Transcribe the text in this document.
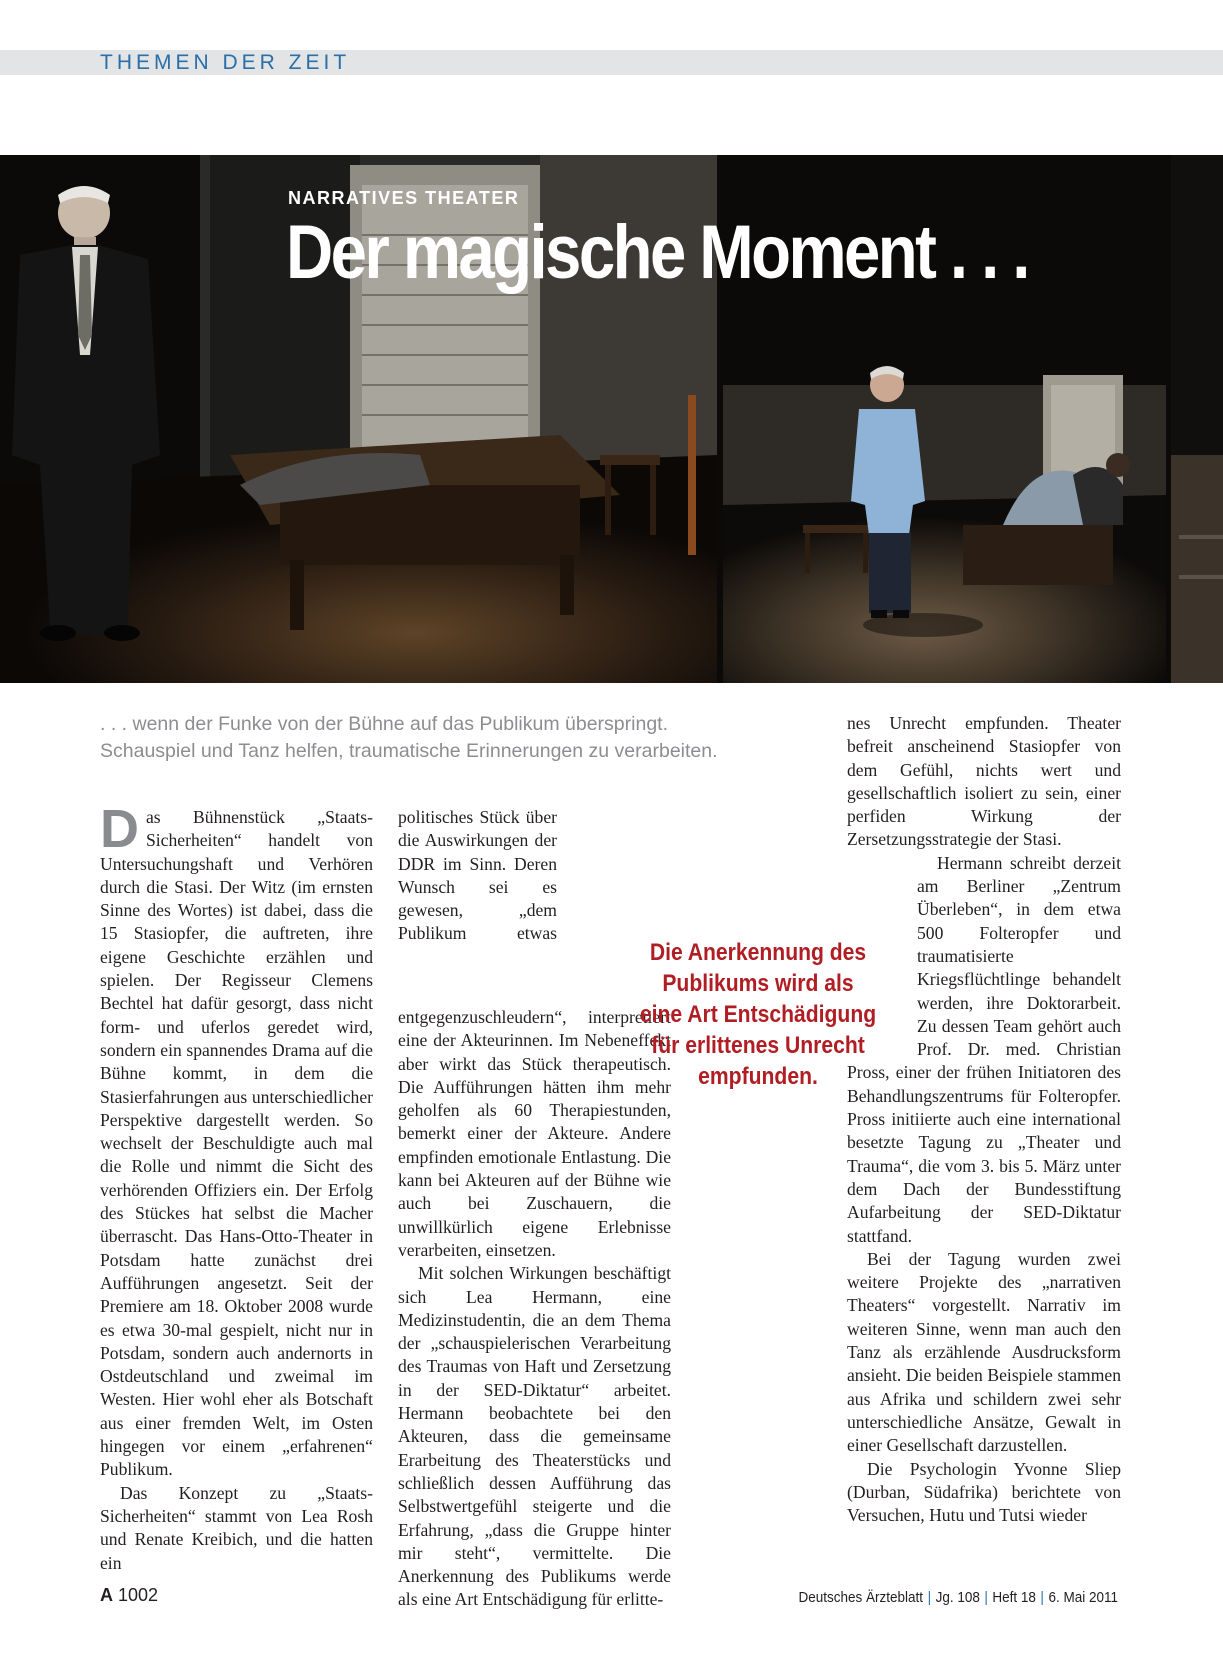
THEMEN DER ZEIT
NARRATIVES THEATER
Der magische Moment . . .
. . . wenn der Funke von der Bühne auf das Publikum überspringt.
Schauspiel und Tanz helfen, traumatische Erinnerungen zu verarbeiten.

Das Bühnenstück „Staats-Sicherheiten“ handelt von Untersuchungshaft und Verhören durch die Stasi. Der Witz (im ernsten Sinne des Wortes) ist dabei, dass die 15 Stasiopfer, die auftreten, ihre eigene Geschichte erzählen und spielen. Der Regisseur Clemens Bechtel hat dafür gesorgt, dass nicht form- und uferlos geredet wird, sondern ein spannendes Drama auf die Bühne kommt, in dem die Stasierfahrungen aus unterschiedlicher Perspektive dargestellt werden. So wechselt der Beschuldigte auch mal die Rolle und nimmt die Sicht des verhörenden Offiziers ein. Der Erfolg des Stückes hat selbst die Macher überrascht. Das Hans-Otto-Theater in Potsdam hatte zunächst drei Aufführungen angesetzt. Seit der Premiere am 18. Oktober 2008 wurde es etwa 30-mal gespielt, nicht nur in Potsdam, sondern auch andernorts in Ostdeutschland und zweimal im Westen. Hier wohl eher als Botschaft aus einer fremden Welt, im Osten hingegen vor einem „erfahrenen“ Publikum.

Das Konzept zu „Staats-Sicherheiten“ stammt von Lea Rosh und Renate Kreibich, und die hatten ein

politisches Stück über die Auswirkungen der DDR im Sinn. Deren Wunsch sei es gewesen, „dem Publikum etwas entgegenzuschleudern“, interpretiert eine der Akteurinnen. Im Nebeneffekt aber wirkt das Stück therapeutisch. Die Aufführungen hätten ihm mehr geholfen als 60 Therapiestunden, bemerkt einer der Akteure. Andere empfinden emotionale Entlastung. Die kann bei Akteuren auf der Bühne wie auch bei Zuschauern, die unwillkürlich eigene Erlebnisse verarbeiten, einsetzen.

Mit solchen Wirkungen beschäftigt sich Lea Hermann, eine Medizinstudentin, die an dem Thema der „schauspielerischen Verarbeitung des Traumas von Haft und Zersetzung in der SED-Diktatur“ arbeitet. Hermann beobachtete bei den Akteuren, dass die gemeinsame Erarbeitung des Theaterstücks und schließlich dessen Aufführung das Selbstwertgefühl steigerte und die Erfahrung, „dass die Gruppe hinter mir steht“, vermittelte. Die Anerkennung des Publikums werde als eine Art Entschädigung für erlitte-

Die Anerkennung des Publikums wird als eine Art Entschädigung für erlittenes Unrecht empfunden.

nes Unrecht empfunden. Theater befreit anscheinend Stasiopfer von dem Gefühl, nichts wert und gesellschaftlich isoliert zu sein, einer perfiden Wirkung der Zersetzungsstrategie der Stasi.

Hermann schreibt derzeit am Berliner „Zentrum Überleben“, in dem etwa 500 Folteropfer und traumatisierte Kriegsflüchtlinge behandelt werden, ihre Doktorarbeit. Zu dessen Team gehört auch Prof. Dr. med. Christian Pross, einer der frühen Initiatoren des Behandlungszentrums für Folteropfer. Pross initiierte auch eine international besetzte Tagung zu „Theater und Trauma“, die vom 3. bis 5. März unter dem Dach der Bundesstiftung Aufarbeitung der SED-Diktatur stattfand.

Bei der Tagung wurden zwei weitere Projekte des „narrativen Theaters“ vorgestellt. Narrativ im weiteren Sinne, wenn man auch den Tanz als erzählende Ausdrucksform ansieht. Die beiden Beispiele stammen aus Afrika und schildern zwei sehr unterschiedliche Ansätze, Gewalt in einer Gesellschaft darzustellen.

Die Psychologin Yvonne Sliep (Durban, Südafrika) berichtete von Versuchen, Hutu und Tutsi wieder

A 1002	Deutsches Ärzteblatt | Jg. 108 | Heft 18 | 6. Mai 2011
